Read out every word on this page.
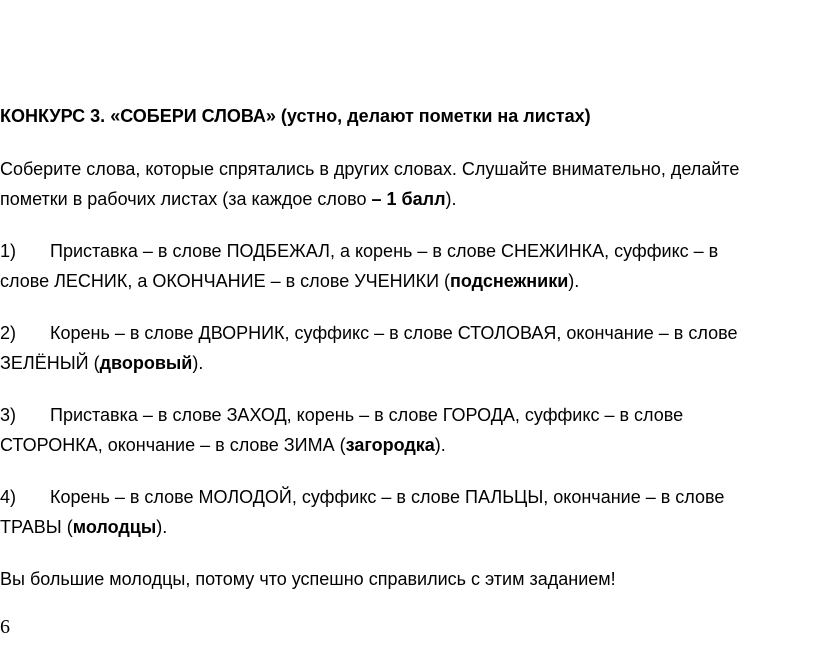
КОНКУРС 3. «СОБЕРИ СЛОВА» (устно, делают пометки на листах)
Соберите слова, которые спрятались в других словах. Слушайте внимательно, делайте
пометки в рабочих листах (за каждое слово – 1 балл).
1) Приставка – в слове ПОДБЕЖАЛ, а корень – в слове СНЕЖИНКА, суффикс – в
слове ЛЕСНИК, а ОКОНЧАНИЕ – в слове УЧЕНИКИ (подснежники).
2) Корень – в слове ДВОРНИК, суффикс – в слове СТОЛОВАЯ, окончание – в слове
ЗЕЛЁНЫЙ (дворовый).
3) Приставка – в слове ЗАХОД, корень – в слове ГОРОДА, суффикс – в слове
СТОРОНКА, окончание – в слове ЗИМА (загородка).
4) Корень – в слове МОЛОДОЙ, суффикс – в слове ПАЛЬЦЫ, окончание – в слове
ТРАВЫ (молодцы).
Вы большие молодцы, потому что успешно справились с этим заданием!
6
